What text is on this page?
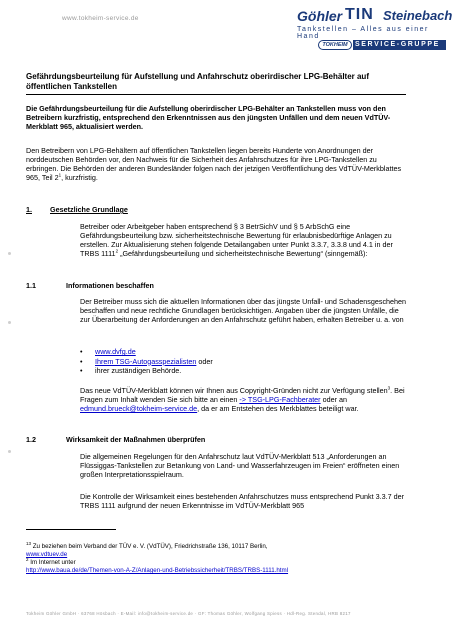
www.tokheim-service.de	Göhler TIN Steinebach
Tankstellen – Alles aus einer Hand
TOKHEIM	SERVICE-GRUPPE
Gefährdungsbeurteilung für Aufstellung und Anfahrschutz oberirdischer LPG-Behälter auf öffentlichen Tankstellen
Die Gefährdungsbeurteilung für die Aufstellung oberirdischer LPG-Behälter an Tankstellen muss von den Betreibern kurzfristig, entsprechend den Erkenntnissen aus den jüngsten Unfällen und dem neuen VdTÜV-Merkblatt 965, aktualisiert werden.
Den Betreibern von LPG-Behältern auf öffentlichen Tankstellen liegen bereits Hunderte von Anordnungen der norddeutschen Behörden vor, den Nachweis für die Sicherheit des Anfahrschutzes für ihre LPG-Tankstellen zu erbringen. Die Behörden der anderen Bundesländer folgen nach der jetzigen Veröffentlichung des VdTÜV-Merkblattes 965, Teil $2^1$, kurzfristig.
1.	Gesetzliche Grundlage
Betreiber oder Arbeitgeber haben entsprechend § 3 BetrSichV und § 5 ArbSchG eine Gefährdungsbeurteilung bzw. sicherheitstechnische Bewertung für erlaubnisbedürftige Anlagen zu erstellen. Zur Aktualisierung stehen folgende Detailangaben unter Punkt 3.3.7, 3.3.8 und 4.1 in der TRBS 1111$^2$ „Gefährdungsbeurteilung und sicherheitstechnische Bewertung“ (sinngemäß):
1.1	Informationen beschaffen
Der Betreiber muss sich die aktuellen Informationen über das jüngste Unfall- und Schadensgeschehen beschaffen und neue rechtliche Grundlagen berücksichtigen. Angaben über die jüngsten Unfälle, die zur Überarbeitung der Anforderungen an den Anfahrschutz geführt haben, erhalten Betreiber u. a. von
• www.dvfg.de
• Ihrem TSG-Autogasspezialisten oder
• ihrer zuständigen Behörde.
Das neue VdTÜV-Merkblatt können wir Ihnen aus Copyright-Gründen nicht zur Verfügung stellen$^3$. Bei Fragen zum Inhalt wenden Sie sich bitte an einen -> TSG-LPG-Fachberater oder an edmund.brueck@tokheim-service.de, da er am Entstehen des Merkblattes beteiligt war.
1.2	Wirksamkeit der Maßnahmen überprüfen
Die allgemeinen Regelungen für den Anfahrschutz laut VdTÜV-Merkblatt 513 „Anforderungen an Flüssiggas-Tankstellen zur Betankung von Land- und Wasserfahrzeugen im Freien“ eröffneten einen großen Interpretationsspielraum.
Die Kontrolle der Wirksamkeit eines bestehenden Anfahrschutzes muss entsprechend Punkt 3.3.7 der TRBS 1111 aufgrund der neuen Erkenntnisse im VdTÜV-Merkblatt 965
$^{13}$ Zu beziehen beim Verband der TÜV e. V. (VdTÜV), Friedrichstraße 136, 10117 Berlin,
www.vdtuev.de
$^2$ Im Internet unter
http://www.baua.de/de/Themen-von-A-Z/Anlagen-und-Betriebssicherheit/TRBS/TRBS-1111.html
Tokheim Göhler GmbH · 63768 Hösbach · E-Mail: info@tokheim-service.de · GF: Thomas Göhler, Wolfgang Spiess · Hdl-Reg. Stendal, HRB 8217
